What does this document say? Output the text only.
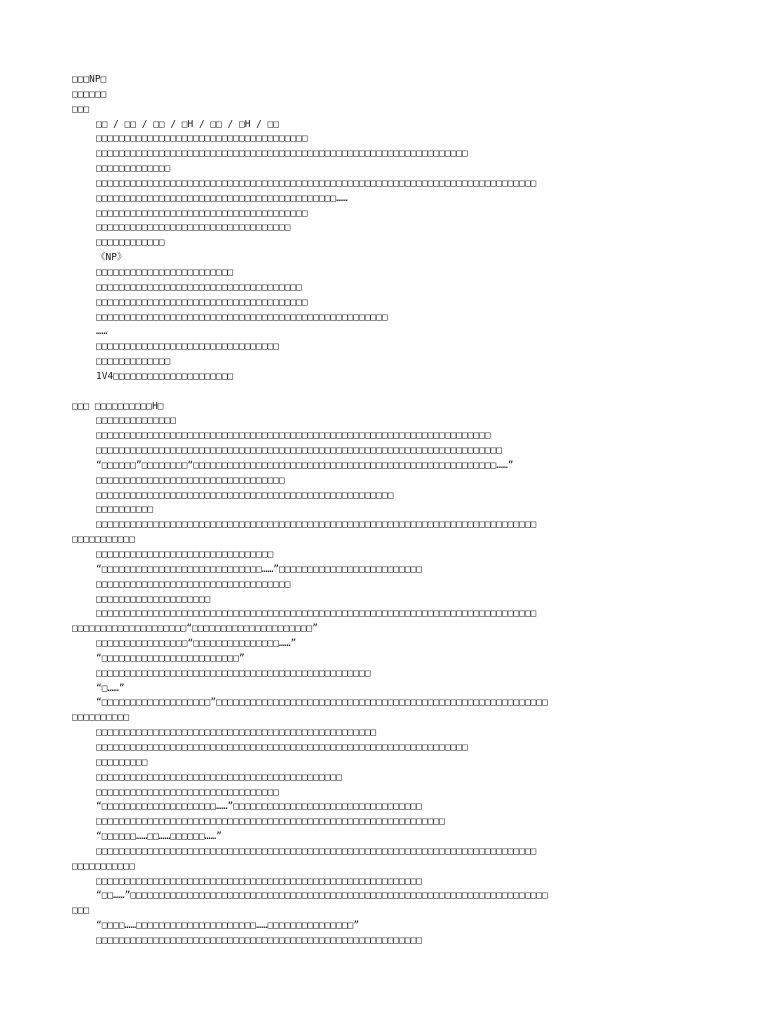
□□□NP□
□□□□□□
□□□
□□ / □□ / □□ / □H / □□ / □H / □□
□□□□□□□□□□□□□□□□□□□□□□□□□□□□□□□□□□□□□
□□□□□□□□□□□□□□□□□□□□□□□□□□□□□□□□□□□□□□□□□□□□□□□□□□□□□□□□□□□□□□□□□
□□□□□□□□□□□□□
□□□□□□□□□□□□□□□□□□□□□□□□□□□□□□□□□□□□□□□□□□□□□□□□□□□□□□□□□□□□□□□□□□□□□□□□□□□□□
□□□□□□□□□□□□□□□□□□□□□□□□□□□□□□□□□□□□□□□□□□……
□□□□□□□□□□□□□□□□□□□□□□□□□□□□□□□□□□□□□
□□□□□□□□□□□□□□□□□□□□□□□□□□□□□□□□□□
□□□□□□□□□□□□
《NP》
□□□□□□□□□□□□□□□□□□□□□□□□
□□□□□□□□□□□□□□□□□□□□□□□□□□□□□□□□□□□□
□□□□□□□□□□□□□□□□□□□□□□□□□□□□□□□□□□□□□
□□□□□□□□□□□□□□□□□□□□□□□□□□□□□□□□□□□□□□□□□□□□□□□□□□□
……
□□□□□□□□□□□□□□□□□□□□□□□□□□□□□□□□
□□□□□□□□□□□□□
1V4□□□□□□□□□□□□□□□□□□□□□
□□□ □□□□□□□□□□H□
□□□□□□□□□□□□□□
□□□□□□□□□□□□□□□□□□□□□□□□□□□□□□□□□□□□□□□□□□□□□□□□□□□□□□□□□□□□□□□□□□□□□
□□□□□□□□□□□□□□□□□□□□□□□□□□□□□□□□□□□□□□□□□□□□□□□□□□□□□□□□□□□□□□□□□□□□□□□
“□□□□□□”□□□□□□□□“□□□□□□□□□□□□□□□□□□□□□□□□□□□□□□□□□□□□□□□□□□□□□□□□□□□□□……”
□□□□□□□□□□□□□□□□□□□□□□□□□□□□□□□□□
□□□□□□□□□□□□□□□□□□□□□□□□□□□□□□□□□□□□□□□□□□□□□□□□□□□□
□□□□□□□□□□
□□□□□□□□□□□□□□□□□□□□□□□□□□□□□□□□□□□□□□□□□□□□□□□□□□□□□□□□□□□□□□□□□□□□□□□□□□□□□
□□□□□□□□□□□
□□□□□□□□□□□□□□□□□□□□□□□□□□□□□□□
“□□□□□□□□□□□□□□□□□□□□□□□□□□□□……”□□□□□□□□□□□□□□□□□□□□□□□□□
□□□□□□□□□□□□□□□□□□□□□□□□□□□□□□□□□□
□□□□□□□□□□□□□□□□□□□□
□□□□□□□□□□□□□□□□□□□□□□□□□□□□□□□□□□□□□□□□□□□□□□□□□□□□□□□□□□□□□□□□□□□□□□□□□□□□□
□□□□□□□□□□□□□□□□□□□□“□□□□□□□□□□□□□□□□□□□□□”
□□□□□□□□□□□□□□□□“□□□□□□□□□□□□□□□……”
“□□□□□□□□□□□□□□□□□□□□□□□□”
□□□□□□□□□□□□□□□□□□□□□□□□□□□□□□□□□□□□□□□□□□□□□□□□
“□……”
“□□□□□□□□□□□□□□□□□□□”□□□□□□□□□□□□□□□□□□□□□□□□□□□□□□□□□□□□□□□□□□□□□□□□□□□□□□□□□□
□□□□□□□□□□
□□□□□□□□□□□□□□□□□□□□□□□□□□□□□□□□□□□□□□□□□□□□□□□□□
□□□□□□□□□□□□□□□□□□□□□□□□□□□□□□□□□□□□□□□□□□□□□□□□□□□□□□□□□□□□□□□□□
□□□□□□□□□
□□□□□□□□□□□□□□□□□□□□□□□□□□□□□□□□□□□□□□□□□□□
□□□□□□□□□□□□□□□□□□□□□□□□□□□□□□□□
“□□□□□□□□□□□□□□□□□□□□……”□□□□□□□□□□□□□□□□□□□□□□□□□□□□□□□□□
□□□□□□□□□□□□□□□□□□□□□□□□□□□□□□□□□□□□□□□□□□□□□□□□□□□□□□□□□□□□□
“□□□□□□……□□……□□□□□□……”
□□□□□□□□□□□□□□□□□□□□□□□□□□□□□□□□□□□□□□□□□□□□□□□□□□□□□□□□□□□□□□□□□□□□□□□□□□□□□
□□□□□□□□□□□
□□□□□□□□□□□□□□□□□□□□□□□□□□□□□□□□□□□□□□□□□□□□□□□□□□□□□□□□□
“□□……”□□□□□□□□□□□□□□□□□□□□□□□□□□□□□□□□□□□□□□□□□□□□□□□□□□□□□□□□□□□□□□□□□□□□□□□□□
□□□
“□□□□……□□□□□□□□□□□□□□□□□□□□□……□□□□□□□□□□□□□□□”
□□□□□□□□□□□□□□□□□□□□□□□□□□□□□□□□□□□□□□□□□□□□□□□□□□□□□□□□□
